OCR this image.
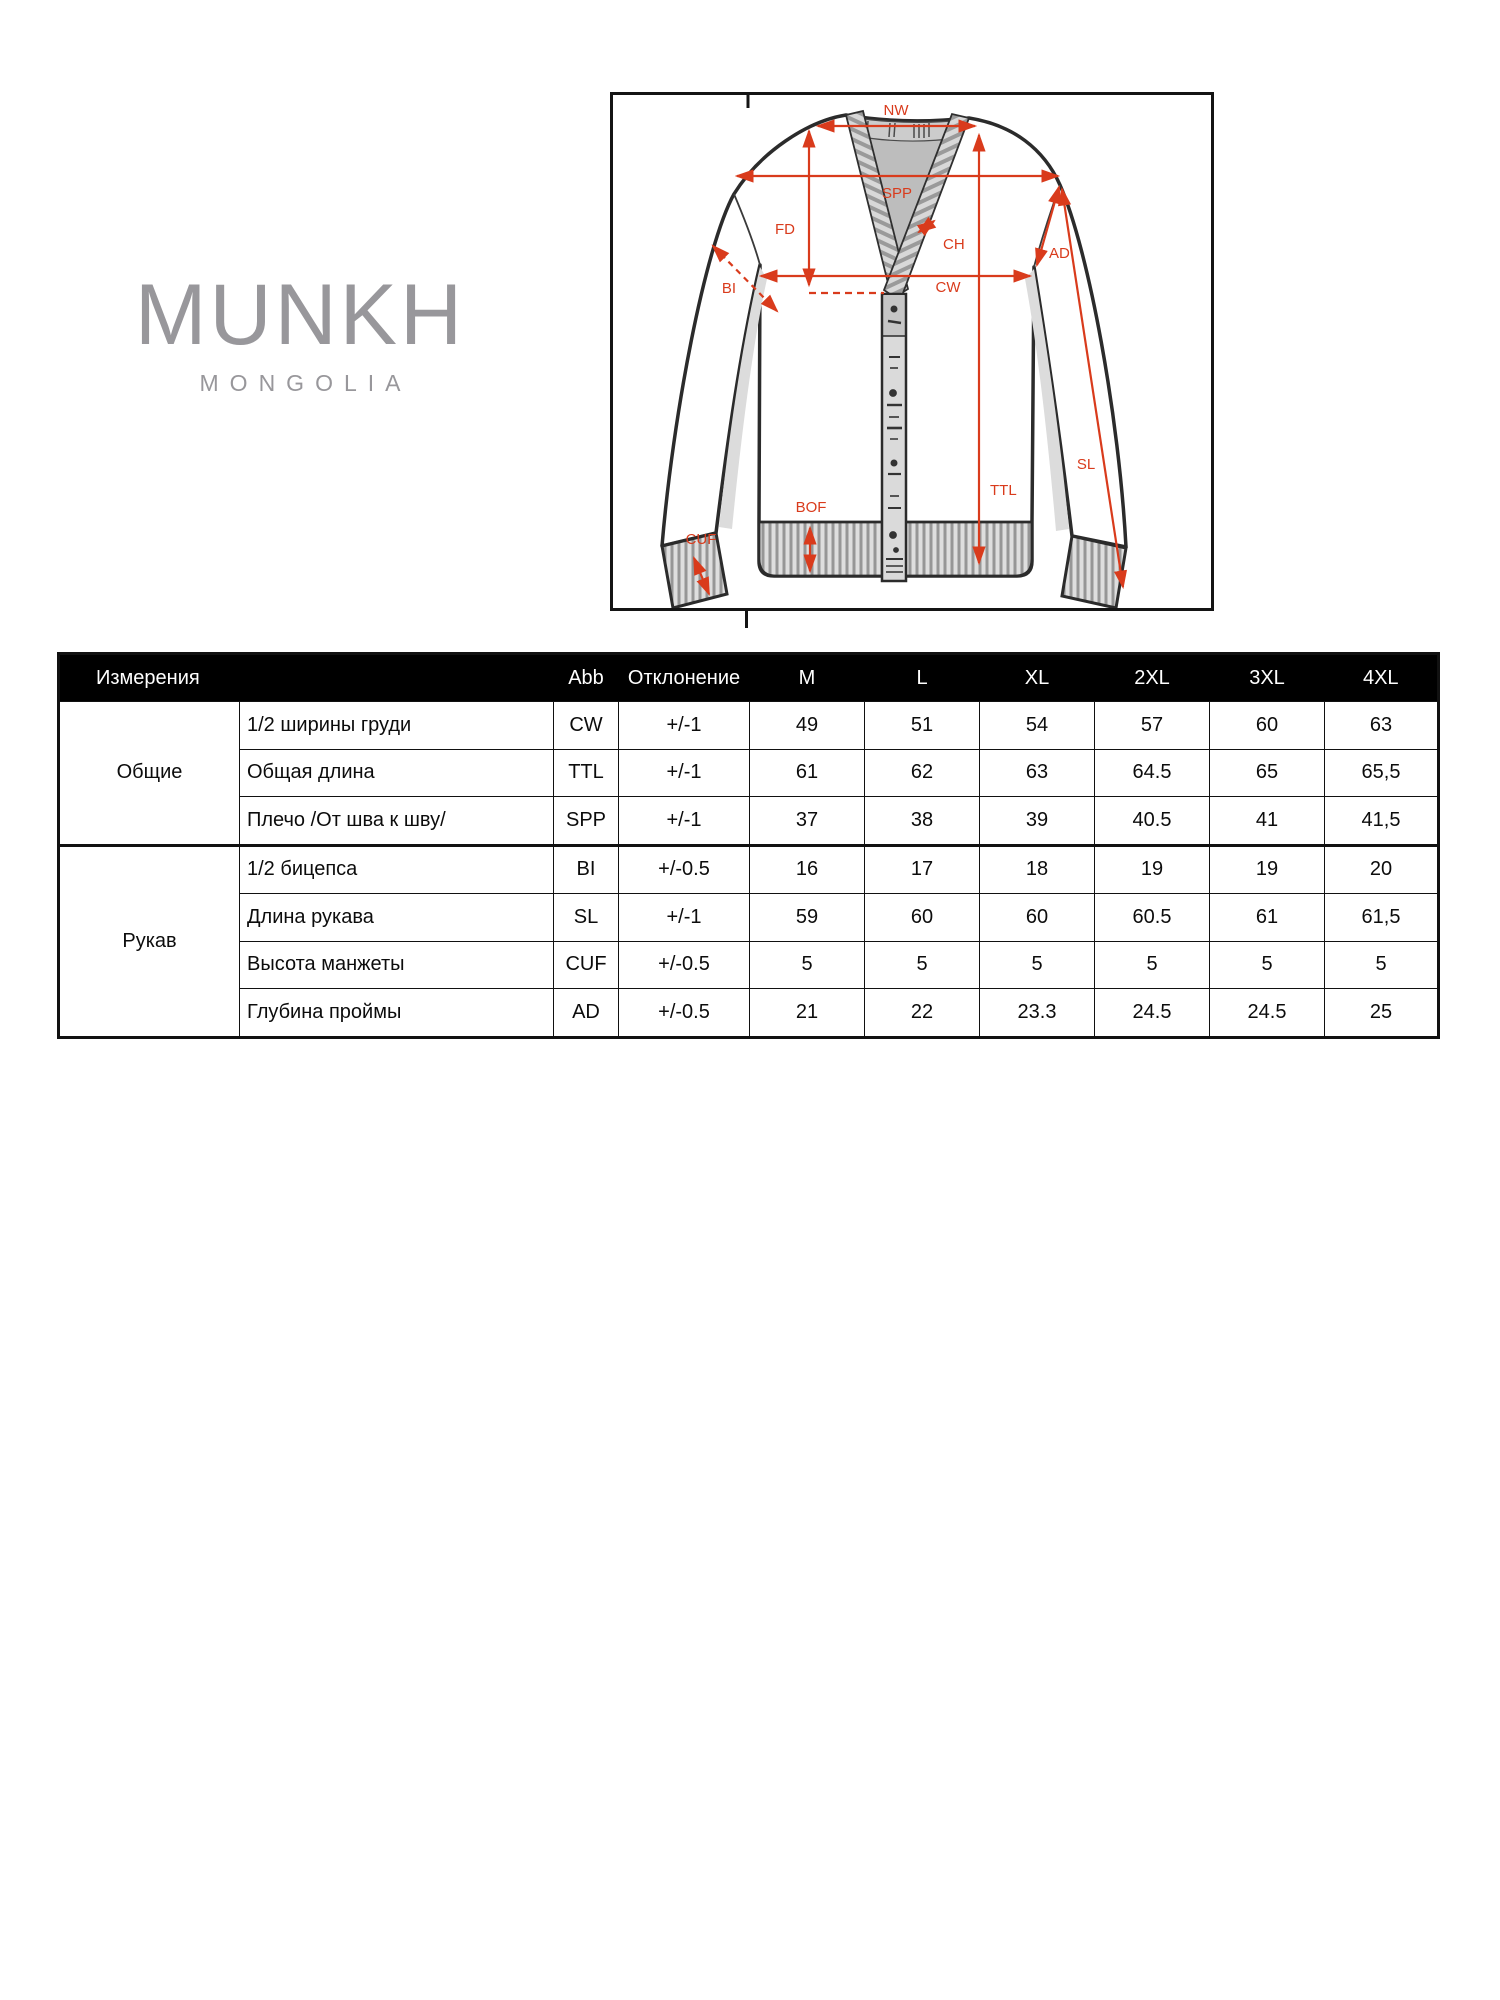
MUNKH
MONGOLIA
NW
SPP
FD
CH
BI	CW
AD
SL
TTL
BOF
CUF
Измерения		Abb	Отклонение	M	L	XL	2XL	3XL	4XL
Общие	1/2 ширины груди	CW	+/-1	49	51	54	57	60	63
	Общая длина	TTL	+/-1	61	62	63	64.5	65	65,5
	Плечо /От шва к шву/	SPP	+/-1	37	38	39	40.5	41	41,5
Рукав	1/2 бицепса	BI	+/-0.5	16	17	18	19	19	20
	Длина рукава	SL	+/-1	59	60	60	60.5	61	61,5
	Высота манжеты	CUF	+/-0.5	5	5	5	5	5	5
	Глубина проймы	AD	+/-0.5	21	22	23.3	24.5	24.5	25
